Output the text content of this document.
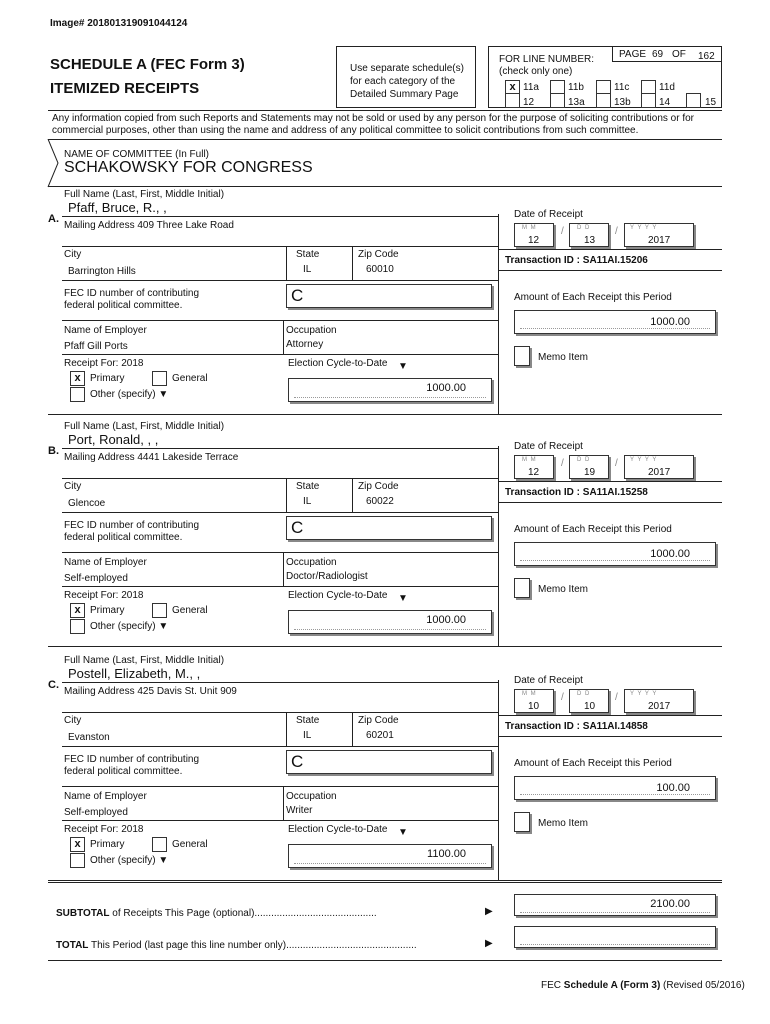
Image# 201801319091044124
SCHEDULE A (FEC Form 3)
ITEMIZED RECEIPTS
Use separate schedule(s)
for each category of the
Detailed Summary Page
FOR LINE NUMBER:
(check only one)
PAGE 69 OF 162
x 11a	11b	11c	11d
12	13a	13b	14	15
Any information copied from such Reports and Statements may not be sold or used by any person for the purpose of soliciting contributions or for commercial purposes, other than using the name and address of any political committee to solicit contributions from such committee.
NAME OF COMMITTEE (In Full)
SCHAKOWSKY FOR CONGRESS
Full Name (Last, First, Middle Initial)
A.
Pfaff, Bruce, R., ,
Mailing Address 409 Three Lake Road
City
Barrington Hills
State
IL
Zip Code
60010
FEC ID number of contributing
federal political committee.
C
Name of Employer
Pfaff Gill Ports
Occupation
Attorney
Receipt For: 2018
x Primary	General
Other (specify) ▼
Election Cycle-to-Date ▼
1000.00
Date of Receipt
M M
12
/ D D
13
/ Y Y Y Y
2017
Transaction ID : SA11AI.15206
Amount of Each Receipt this Period
1000.00
Memo Item
Full Name (Last, First, Middle Initial)
B.
Port, Ronald, , ,
Mailing Address 4441 Lakeside Terrace
City
Glencoe
State
IL
Zip Code
60022
FEC ID number of contributing
federal political committee.
C
Name of Employer
Self-employed
Occupation
Doctor/Radiologist
Receipt For: 2018
x Primary	General
Other (specify) ▼
Election Cycle-to-Date ▼
1000.00
Date of Receipt
M M
12
/ D D
19
/ Y Y Y Y
2017
Transaction ID : SA11AI.15258
Amount of Each Receipt this Period
1000.00
Memo Item
Full Name (Last, First, Middle Initial)
C.
Postell, Elizabeth, M., ,
Mailing Address 425 Davis St. Unit 909
City
Evanston
State
IL
Zip Code
60201
FEC ID number of contributing
federal political committee.
C
Name of Employer
Self-employed
Occupation
Writer
Receipt For: 2018
x Primary	General
Other (specify) ▼
Election Cycle-to-Date ▼
1100.00
Date of Receipt
M M
10
/ D D
10
/ Y Y Y Y
2017
Transaction ID : SA11AI.14858
Amount of Each Receipt this Period
100.00
Memo Item
SUBTOTAL of Receipts This Page (optional)............................................	▶
2100.00
TOTAL This Period (last page this line number only)...............................................	▶
FEC Schedule A (Form 3) (Revised 05/2016)
